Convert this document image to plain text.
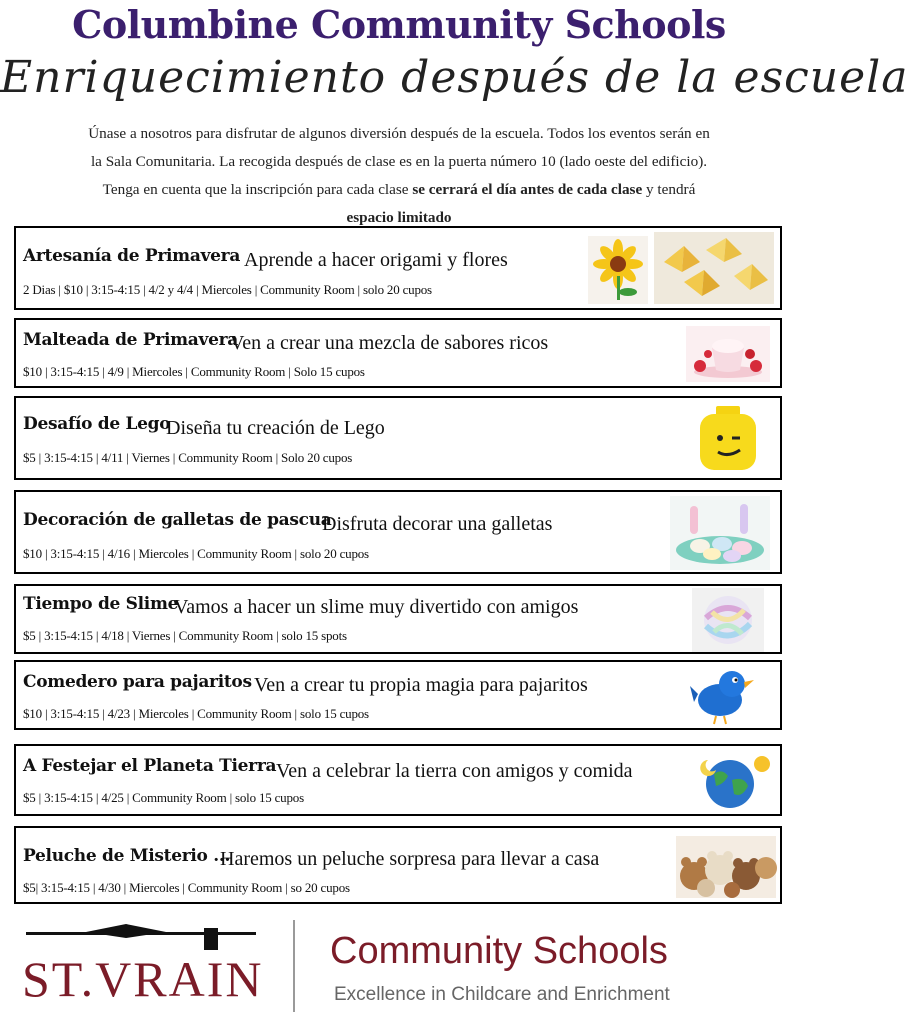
Columbine Community Schools
Enriquecimiento después de la escuela
Únase a nosotros para disfrutar de algunos diversión después de la escuela. Todos los eventos serán en
la Sala Comunitaria. La recogida después de clase es en la puerta número 10 (lado oeste del edificio).
Tenga en cuenta que la inscripción para cada clase se cerrará el día antes de cada clase y tendrá
espacio limitado
Artesanía de Primavera Aprende a hacer origami y flores
2 Dias | $10 | 3:15-4:15 | 4/2 y 4/4 | Miercoles | Community Room | solo 20 cupos
Malteada de Primavera
Ven a crear una mezcla de sabores ricos
$10 | 3:15-4:15 | 4/9 | Miercoles | Community Room | Solo 15 cupos
Desafío de Lego
Diseña tu creación de Lego
$5 | 3:15-4:15 | 4/11 | Viernes | Community Room | Solo 20 cupos
Decoración de galletas de pascua
Disfruta decorar una galletas
$10 | 3:15-4:15 | 4/16 | Miercoles | Community Room | solo 20 cupos
Tiempo de Slime
Vamos a hacer un slime muy divertido con amigos
$5 | 3:15-4:15 | 4/18 | Viernes | Community Room | solo 15 spots
Comedero para pajaritos Ven a crear tu propia magia para pajaritos
$10 | 3:15-4:15 | 4/23 | Miercoles | Community Room | solo 15 cupos
A Festejar el Planeta Tierra Ven a celebrar la tierra con amigos y comida
$5 | 3:15-4:15 | 4/25 | Community Room | solo 15 cupos
Peluche de Misterio ...
Haremos un peluche sorpresa para llevar a casa
$5| 3:15-4:15 | 4/30 | Miercoles | Community Room | so 20 cupos
ST.VRAIN Community Schools
Excellence in Childcare and Enrichment
